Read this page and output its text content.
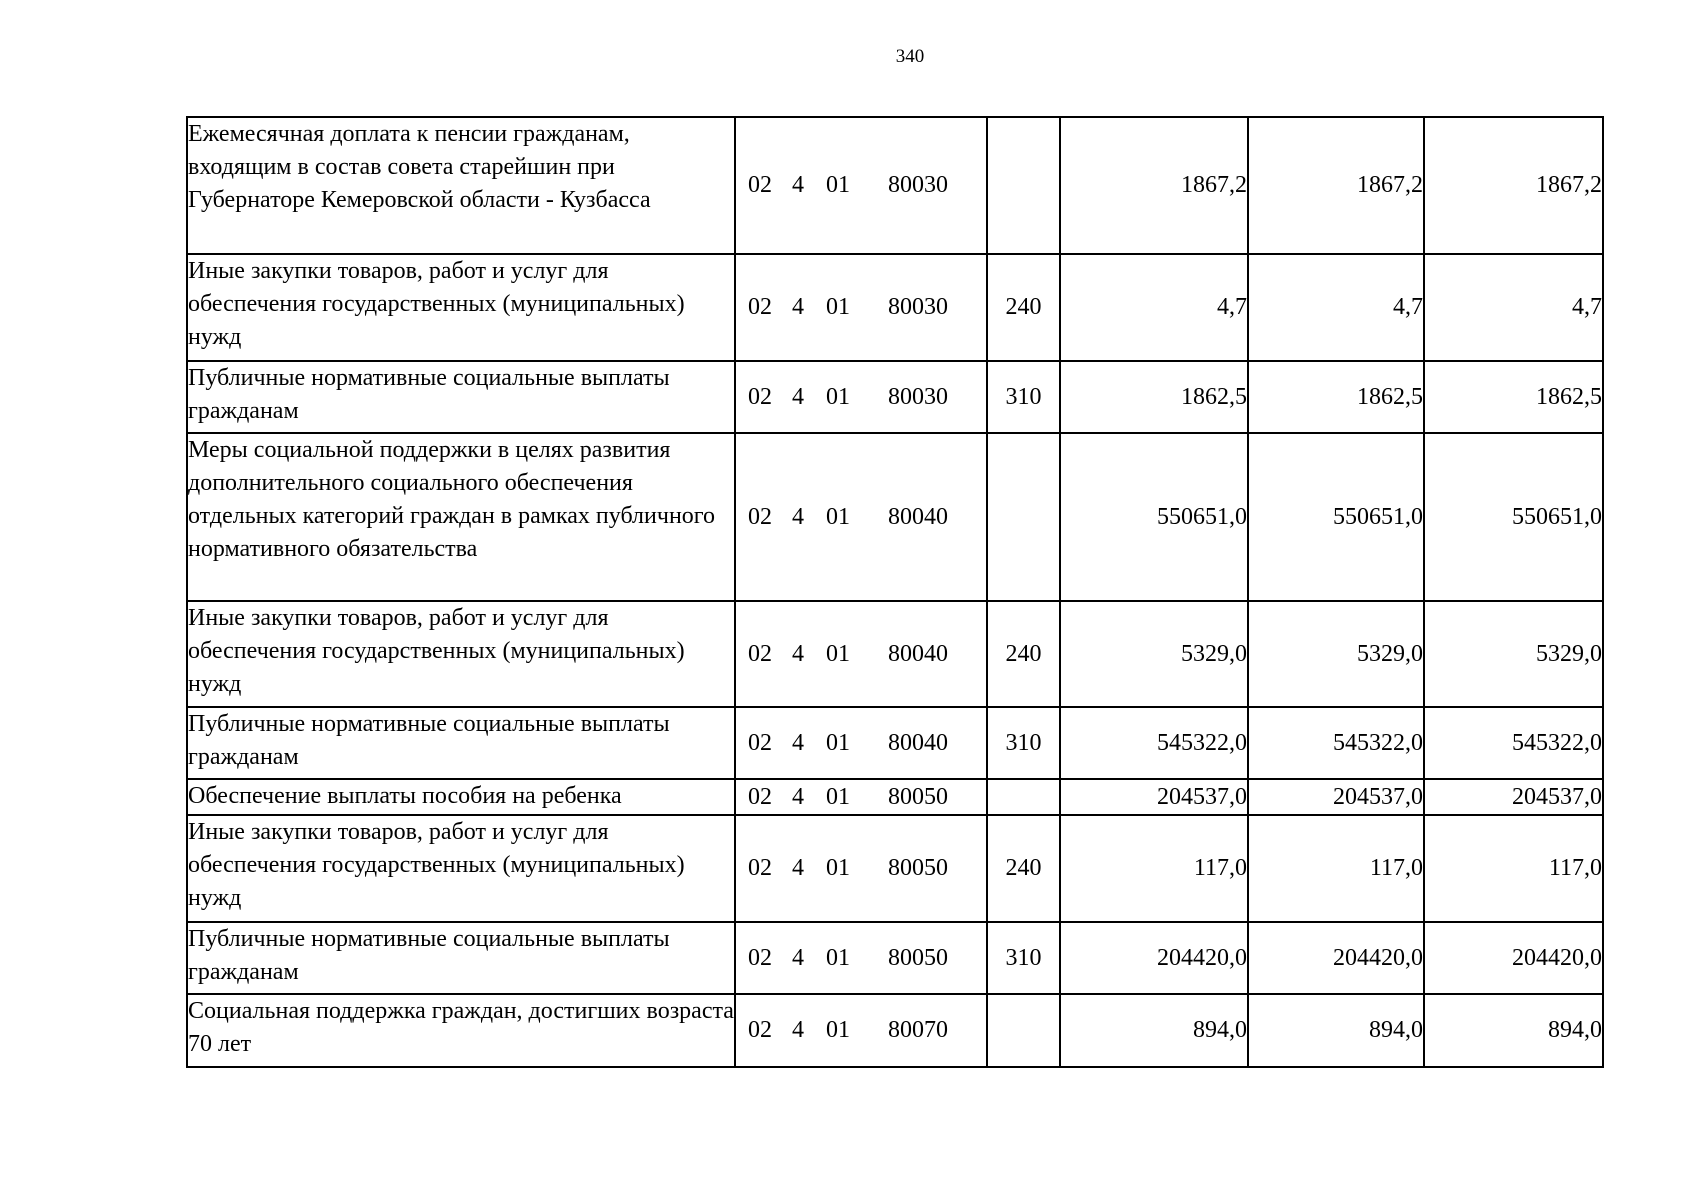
340
Ежемесячная доплата к пенсии гражданам, входящим в состав совета старейшин при Губернаторе Кемеровской области - Кузбасса	02 4 01 80030		1867,2	1867,2	1867,2
Иные закупки товаров, работ и услуг для обеспечения государственных (муниципальных) нужд	02 4 01 80030	240	4,7	4,7	4,7
Публичные нормативные социальные выплаты гражданам	02 4 01 80030	310	1862,5	1862,5	1862,5
Меры социальной поддержки в целях развития дополнительного социального обеспечения отдельных категорий граждан в рамках публичного нормативного обязательства	02 4 01 80040		550651,0	550651,0	550651,0
Иные закупки товаров, работ и услуг для обеспечения государственных (муниципальных) нужд	02 4 01 80040	240	5329,0	5329,0	5329,0
Публичные нормативные социальные выплаты гражданам	02 4 01 80040	310	545322,0	545322,0	545322,0
Обеспечение выплаты пособия на ребенка	02 4 01 80050		204537,0	204537,0	204537,0
Иные закупки товаров, работ и услуг для обеспечения государственных (муниципальных) нужд	02 4 01 80050	240	117,0	117,0	117,0
Публичные нормативные социальные выплаты гражданам	02 4 01 80050	310	204420,0	204420,0	204420,0
Социальная поддержка граждан, достигших возраста 70 лет	02 4 01 80070		894,0	894,0	894,0
